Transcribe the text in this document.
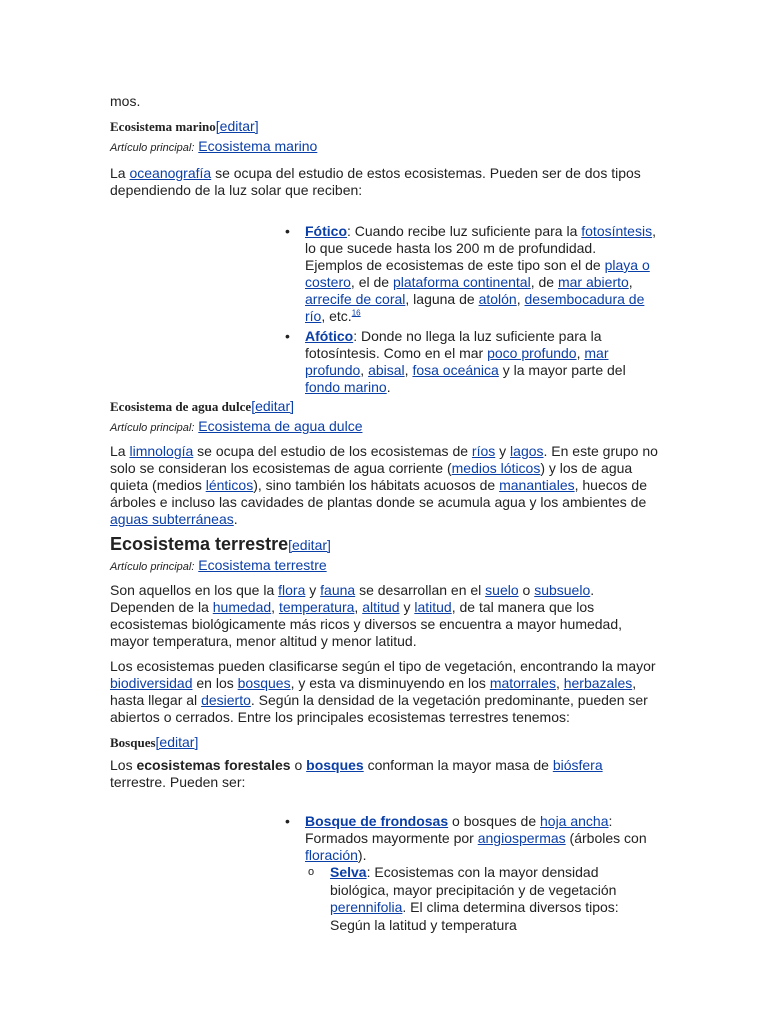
mos.

Ecosistema marino[editar]
Artículo principal: Ecosistema marino

La oceanografía se ocupa del estudio de estos ecosistemas. Pueden ser de dos tipos dependiendo de la luz solar que reciben:

• Fótico: Cuando recibe luz suficiente para la fotosíntesis, lo que sucede hasta los 200 m de profundidad. Ejemplos de ecosistemas de este tipo son el de playa o costero, el de plataforma continental, de mar abierto, arrecife de coral, laguna de atolón, desembocadura de río, etc.$^{16}$
• Afótico: Donde no llega la luz suficiente para la fotosíntesis. Como en el mar poco profundo, mar profundo, abisal, fosa oceánica y la mayor parte del fondo marino.
Ecosistema de agua dulce[editar]
Artículo principal: Ecosistema de agua dulce

La limnología se ocupa del estudio de los ecosistemas de ríos y lagos. En este grupo no solo se consideran los ecosistemas de agua corriente (medios lóticos) y los de agua quieta (medios lénticos), sino también los hábitats acuosos de manantiales, huecos de árboles e incluso las cavidades de plantas donde se acumula agua y los ambientes de aguas subterráneas.

Ecosistema terrestre[editar]
Artículo principal: Ecosistema terrestre

Son aquellos en los que la flora y fauna se desarrollan en el suelo o subsuelo. Dependen de la humedad, temperatura, altitud y latitud, de tal manera que los ecosistemas biológicamente más ricos y diversos se encuentra a mayor humedad, mayor temperatura, menor altitud y menor latitud.

Los ecosistemas pueden clasificarse según el tipo de vegetación, encontrando la mayor biodiversidad en los bosques, y esta va disminuyendo en los matorrales, herbazales, hasta llegar al desierto. Según la densidad de la vegetación predominante, pueden ser abiertos o cerrados. Entre los principales ecosistemas terrestres tenemos:

Bosques[editar]

Los ecosistemas forestales o bosques conforman la mayor masa de biósfera terrestre. Pueden ser:

• Bosque de frondosas o bosques de hoja ancha: Formados mayormente por angiospermas (árboles con floración).
o Selva: Ecosistemas con la mayor densidad biológica, mayor precipitación y de vegetación perennifolia. El clima determina diversos tipos: Según la latitud y temperatura
